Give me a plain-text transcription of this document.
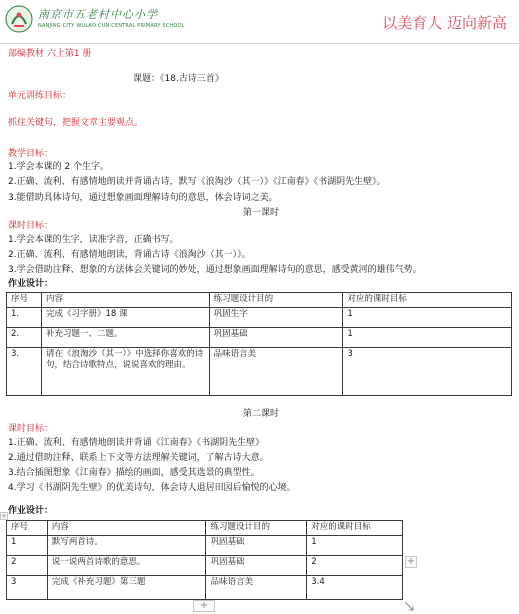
南京市五老村中心小学
NANJING CITY WULAO CUN CENTRAL PRIMARY SCHOOL	以美育人 迈向新高
部编教材 六上第1 册
课题：《18.古诗三首》
单元训练目标：
抓住关键句，把握文章主要观点。
教学目标：
1.学会本课的 2 个生字。
2.正确、流利、有感情地朗读并背诵古诗，默写《浪淘沙（其一）》《江南春》《书湖阴先生壁》。
3.能借助具体诗句，通过想象画面理解诗句的意思，体会诗词之美。
第一课时
课时目标：
1.学会本课的生字，读准字音，正确书写。
2.正确、流利、有感情地朗读，背诵古诗《浪淘沙（其一）》。
3.学会借助注释、想象的方法体会关键词的妙处，通过想象画面理解诗句的意思，感受黄河的雄伟气势。
作业设计：
序号	内容	练习题设计目的	对应的课时目标
1.	完成《习字册》18 课	巩固生字	1
2.	补充习题一、二题。	巩固基础	1
3.	请在《浪淘沙（其一）》中选择你喜欢的诗句，结合诗歌特点，说说喜欢的理由。	品味语言美	3
第二课时
课时目标：
1.正确、流利、有感情地朗读并背诵《江南春》《书湖阴先生壁》
2.通过借助注释、联系上下文等方法理解关键词，了解古诗大意。
3.结合插图想象《江南春》描绘的画面，感受其选景的典型性。
4.学习《书湖阴先生壁》的优美诗句，体会诗人退居田园后愉悦的心境。
作业设计：
+
序号	内容	练习题设计目的	对应的课时目标
1	默写两首诗。	巩固基础	1
2	说一说两首诗歌的意思。	巩固基础	2
3	完成《补充习题》第三题	品味语言美	3.4
+
+
